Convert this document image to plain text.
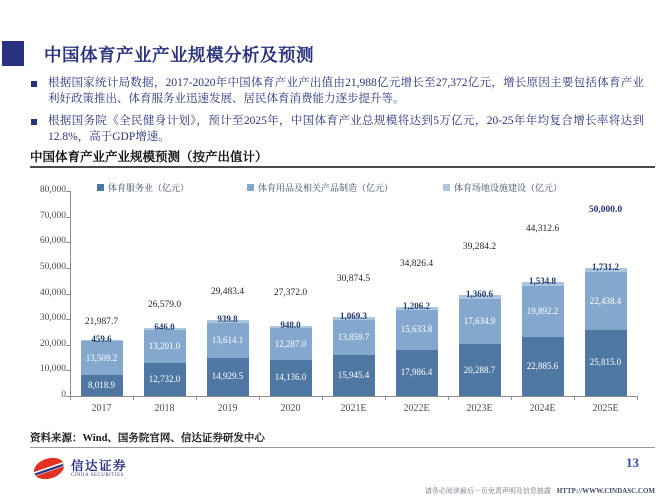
中国体育产业产业规模分析及预测
根据国家统计局数据，2017-2020年中国体育产业产出值由21,988亿元增长至27,372亿元，增长原因主要包括体育产业利好政策推出、体育服务业迅速发展、居民体育消费能力逐步提升等。
根据国务院《全民健身计划》，预计至2025年，中国体育产业总规模将达到5万亿元，20-25年年均复合增长率将达到12.8%，高于GDP增速。
中国体育产业产业规模预测（按产出值计）
体育服务业（亿元）	体育用品及相关产品制造（亿元）	体育场地设施建设（亿元）
80,000
70,000
60,000
50,000
40,000
30,000
20,000
10,000
0
8,018.9
13,509.2
459.6
21,987.7
2017
12,732.0
13,201.0
646.0
26,579.0
2018
14,929.5
13,614.1
939.8
29,483.4
2019
14,136.0
12,287.0
948.0
27,372.0
2020
15,945.4
13,859.7
1,069.3
30,874.5
2021E
17,986.4
15,633.8
1,206.2
34,826.4
2022E
20,288.7
17,634.9
1,360.6
39,284.2
2023E
22,885.6
19,892.2
1,534.8
44,312.6
2024E
25,815.0
22,438.4
1,731.2
50,000.0
2025E
资料来源：Wind、国务院官网、信达证券研发中心
信达证券
CINDA SECURITIES
13
请务必阅读最后一页免责声明及信息披露 HTTP://WWW.CINDASC.COM
